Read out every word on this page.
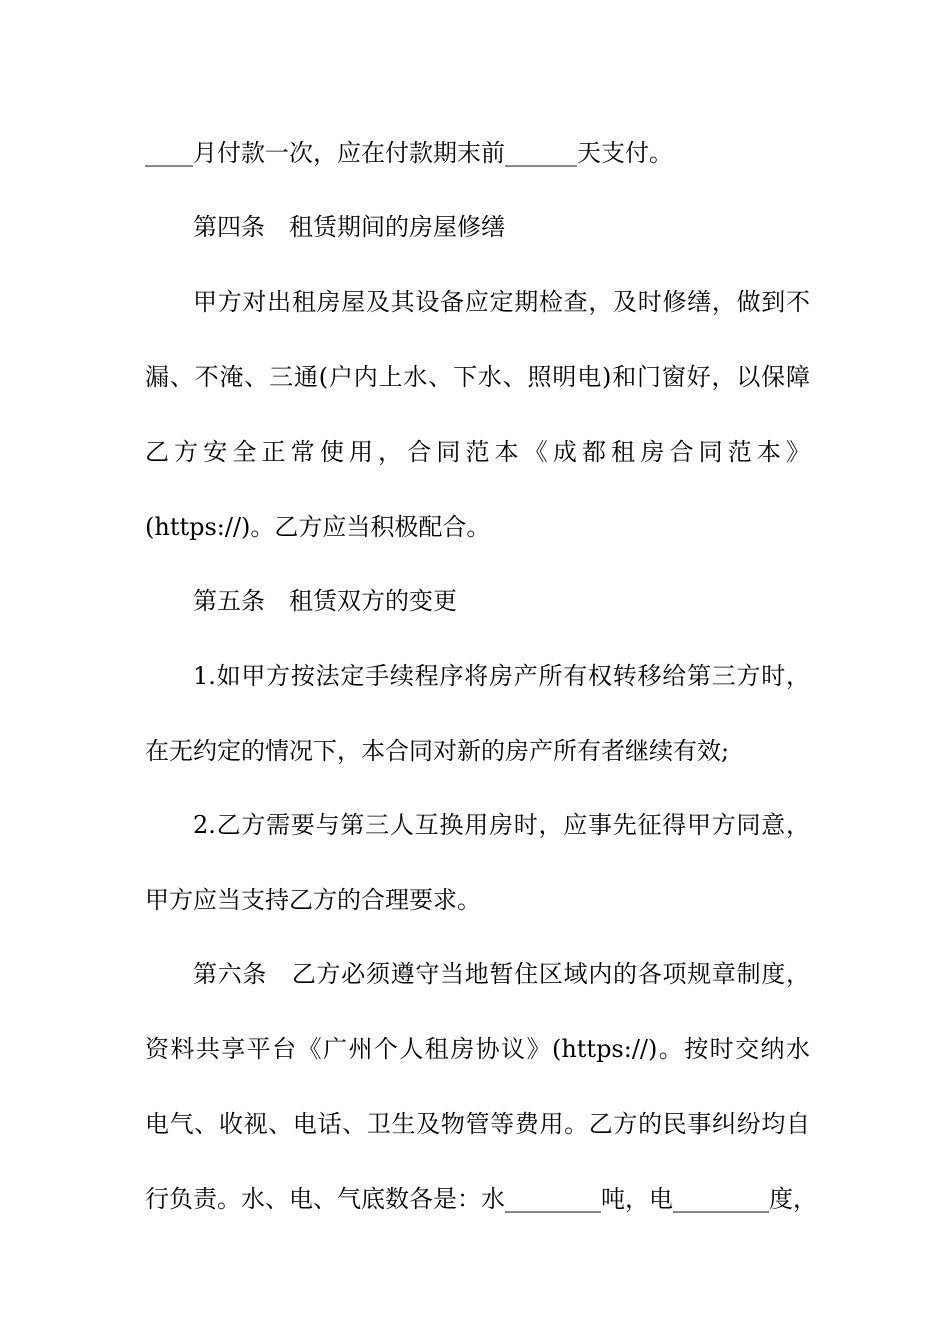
____月付款一次，应在付款期末前______天支付。
第四条　租赁期间的房屋修缮
甲方对出租房屋及其设备应定期检查，及时修缮，做到不
漏、不淹、三通(户内上水、下水、照明电)和门窗好，以保障
乙方安全正常使用，合同范本《成都租房合同范本》
(https://)。乙方应当积极配合。
第五条　租赁双方的变更
1.如甲方按法定手续程序将房产所有权转移给第三方时，
在无约定的情况下，本合同对新的房产所有者继续有效;
2.乙方需要与第三人互换用房时，应事先征得甲方同意，
甲方应当支持乙方的合理要求。
第六条　乙方必须遵守当地暂住区域内的各项规章制度，
资料共享平台《广州个人租房协议》(https://)。按时交纳水
电气、收视、电话、卫生及物管等费用。乙方的民事纠纷均自
行负责。水、电、气底数各是：水________吨，电________度，
